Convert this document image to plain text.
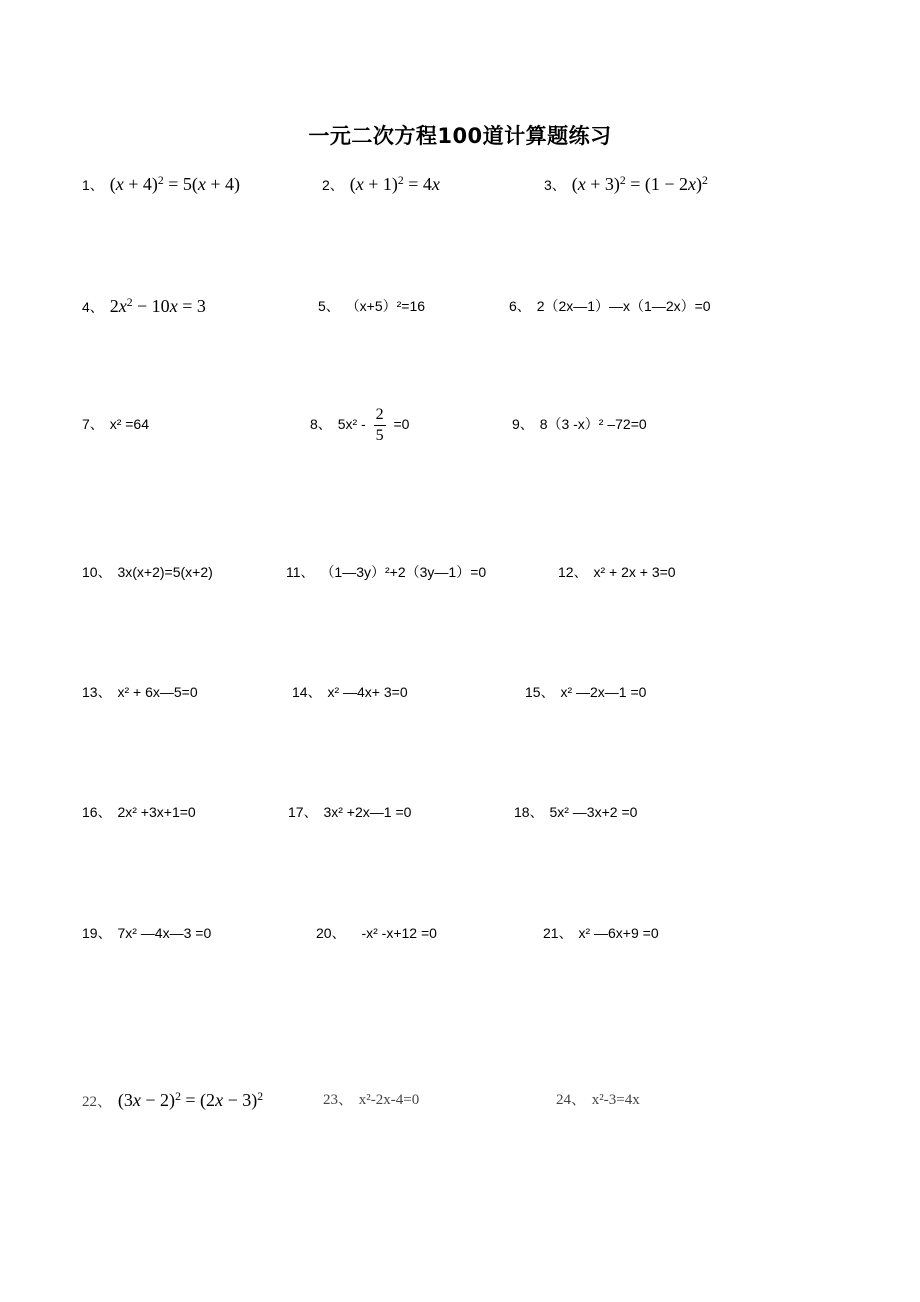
一元二次方程100道计算题练习
1、 $(x + 4)^2 = 5(x + 4)$	2、 $(x + 1)^2 = 4x$	3、 $(x + 3)^2 = (1 - 2x)^2$
4、 $2x^2 - 10x = 3$	5、 （x+5）²=16	6、 2（2x—1）—x（1—2x）=0
7、 x² =64	8、 $5x^2 - \frac{2}{5} =0$	9、 8（3 -x）² –72=0
10、 3x(x+2)=5(x+2)	11、 （1—3y）²+2（3y—1）=0	12、 x² + 2x + 3=0
13、 x² + 6x—5=0	14、 x² —4x+ 3=0	15、 x² —2x—1 =0
16、 2x² +3x+1=0	17、 3x² +2x—1 =0	18、 5x² —3x+2 =0
19、 7x² —4x—3 =0	20、 -x² -x+12 =0	21、 x² —6x+9 =0
22、 $(3x - 2)^2 = (2x - 3)^2$	23、 x²-2x-4=0	24、 x²-3=4x
